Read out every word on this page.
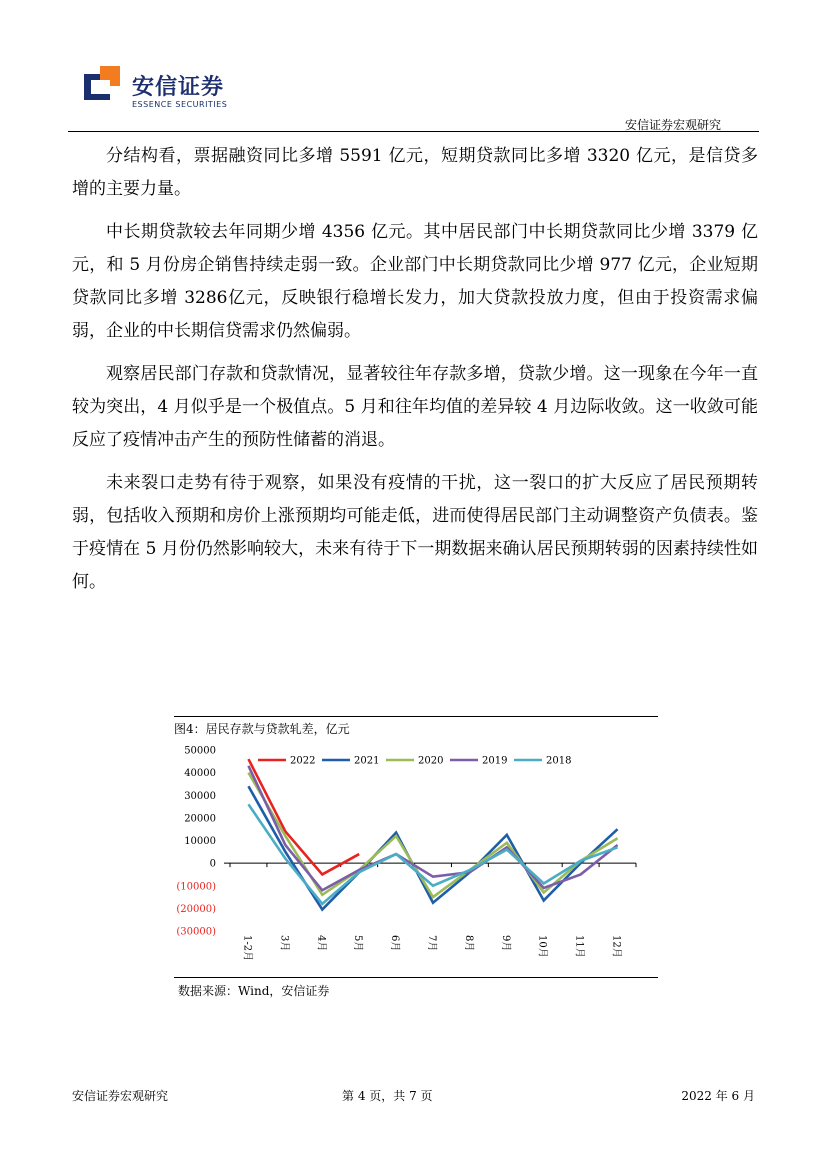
安信证券
ESSENCE SECURITIES
安信证券宏观研究

分结构看，票据融资同比多增 5591 亿元，短期贷款同比多增 3320 亿元，是信贷多增的主要力量。

中长期贷款较去年同期少增 4356 亿元。其中居民部门中长期贷款同比少增 3379 亿元，和 5 月份房企销售持续走弱一致。企业部门中长期贷款同比少增 977 亿元，企业短期贷款同比多增 3286亿元，反映银行稳增长发力，加大贷款投放力度，但由于投资需求偏弱，企业的中长期信贷需求仍然偏弱。

观察居民部门存款和贷款情况，显著较往年存款多增，贷款少增。这一现象在今年一直较为突出，4 月似乎是一个极值点。5 月和往年均值的差异较 4 月边际收敛。这一收敛可能反应了疫情冲击产生的预防性储蓄的消退。

未来裂口走势有待于观察，如果没有疫情的干扰，这一裂口的扩大反应了居民预期转弱，包括收入预期和房价上涨预期均可能走低，进而使得居民部门主动调整资产负债表。鉴于疫情在 5 月份仍然影响较大，未来有待于下一期数据来确认居民预期转弱的因素持续性如何。

图4：居民存款与贷款轧差，亿元
50000
40000
30000
20000
10000
0
(10000)
(20000)
(30000)
1-2月	3月	4月	5月	6月	7月	8月	9月	10月	11月	12月
2022	2021	2020	2019	2018
数据来源：Wind，安信证券
安信证券宏观研究	第 4 页，共 7 页	2022 年 6 月
